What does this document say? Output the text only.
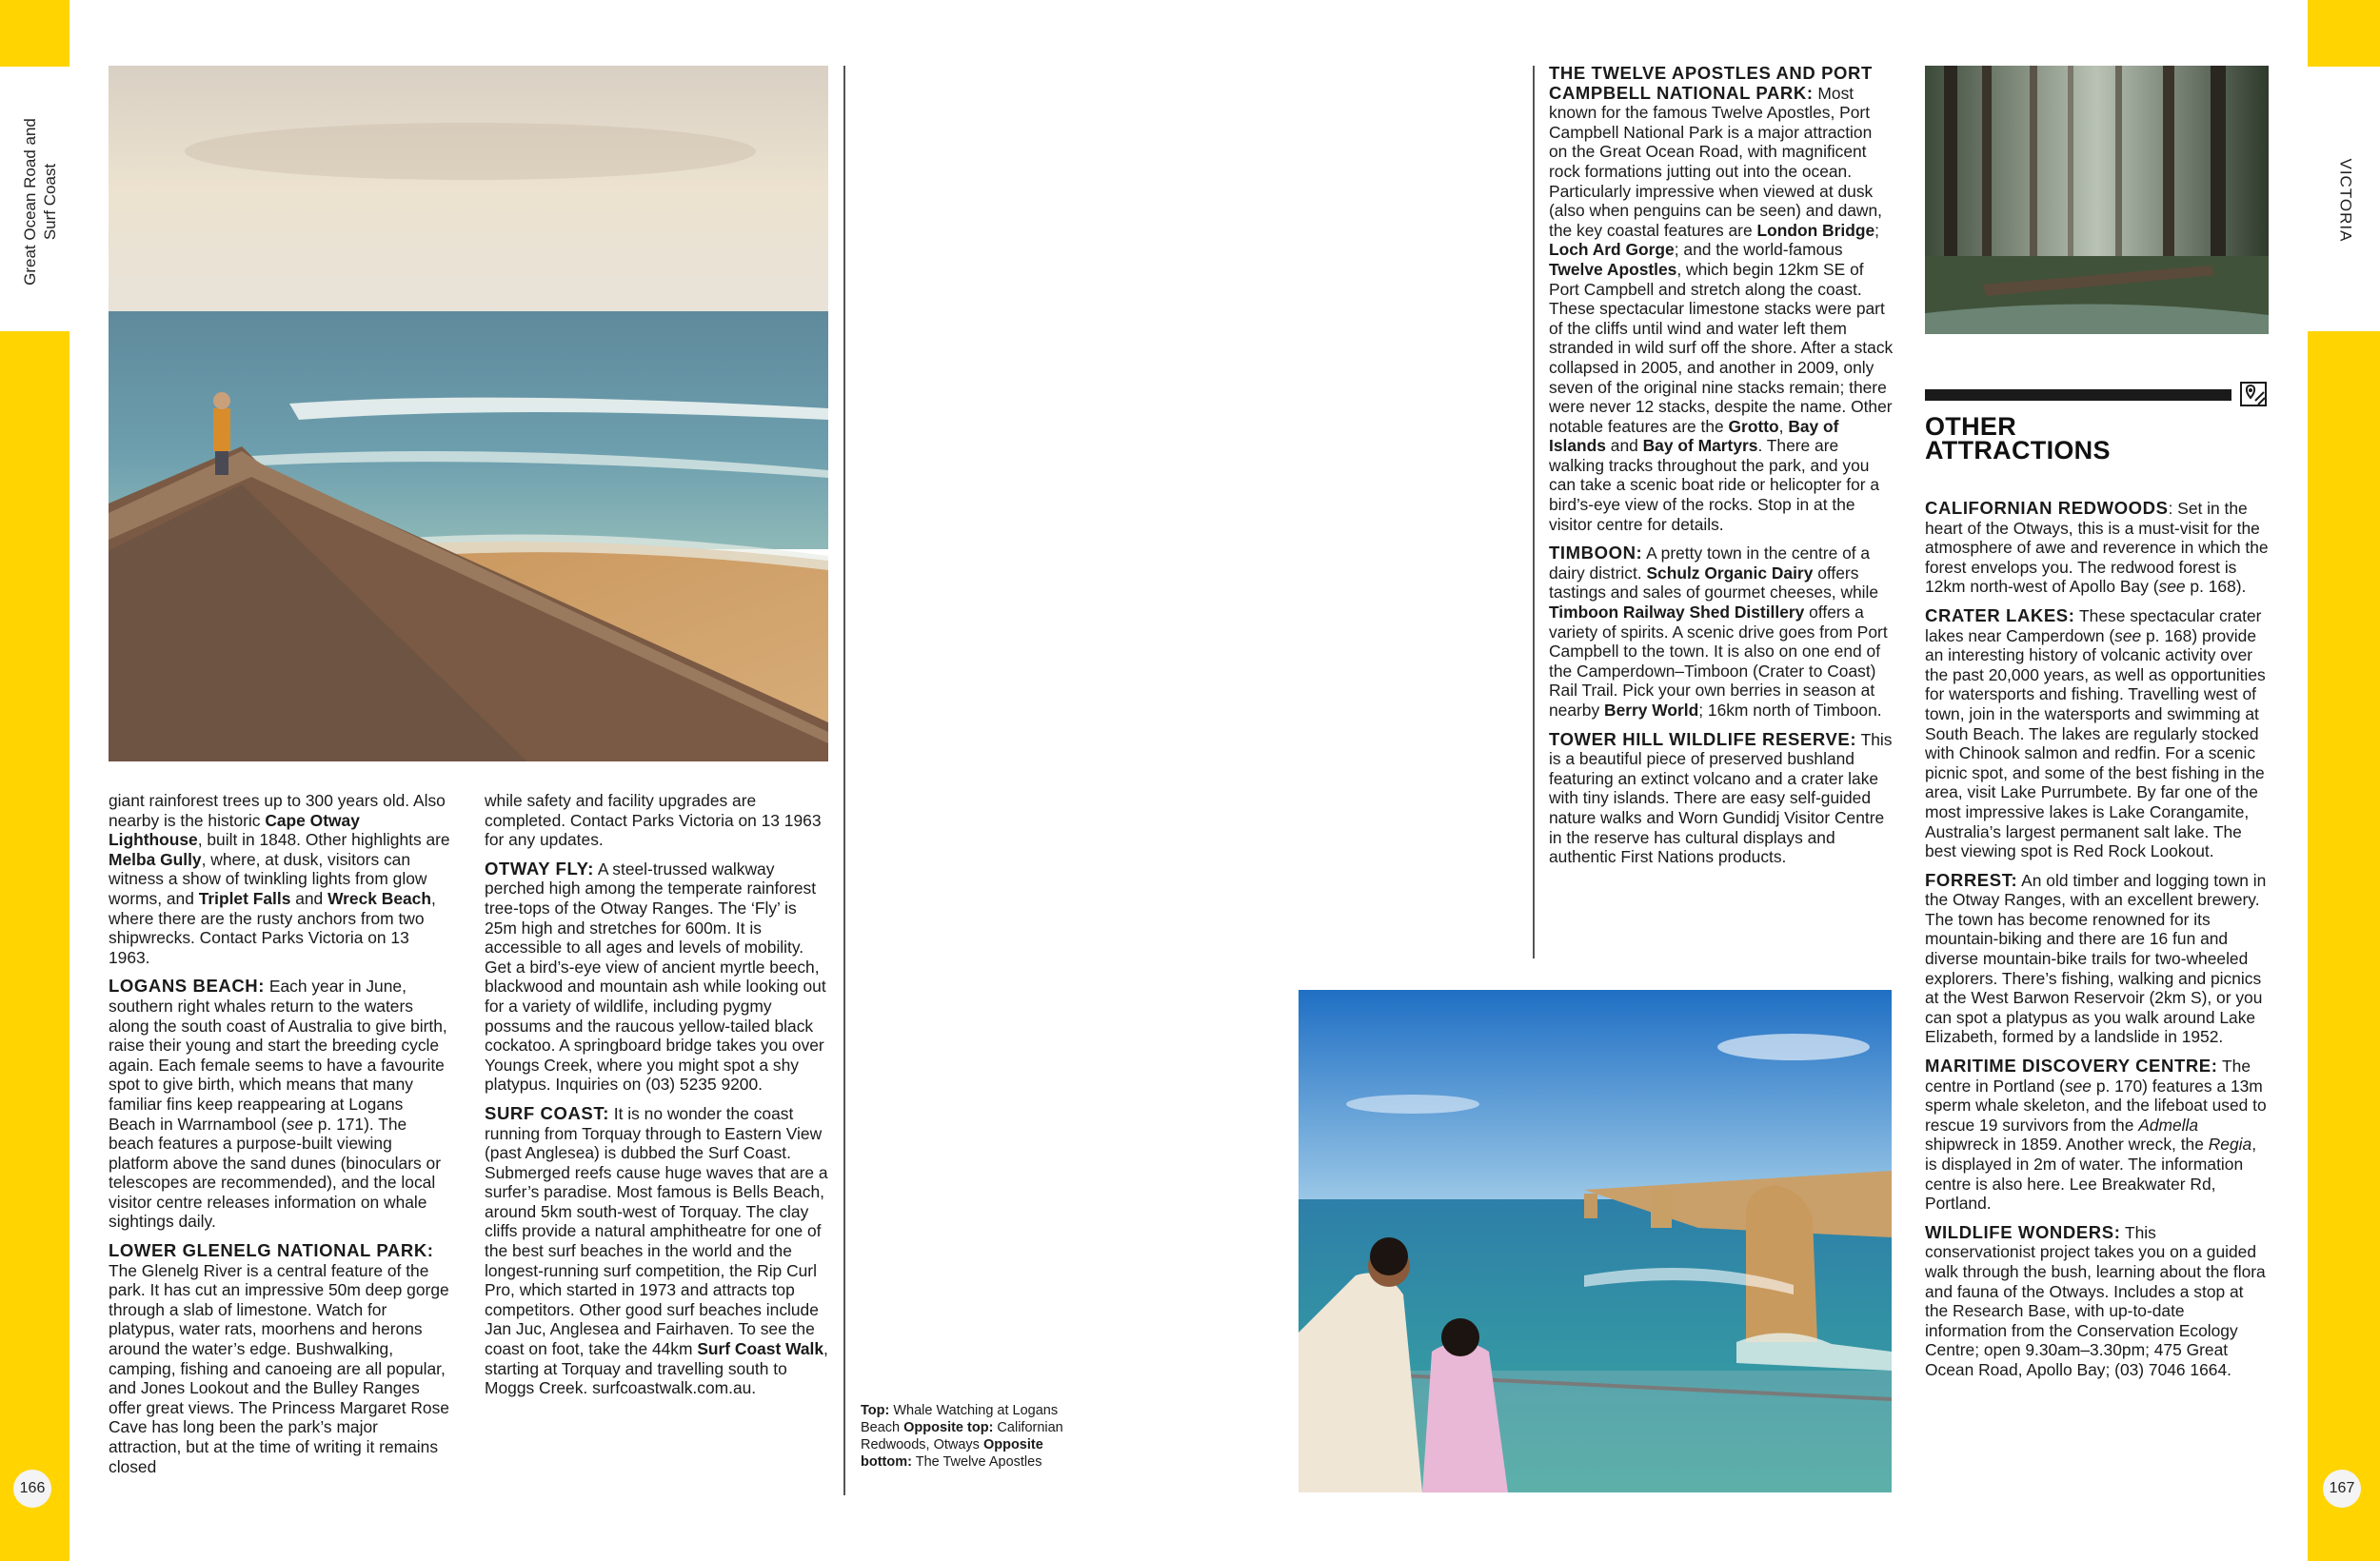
Great Ocean Road and Surf Coast	VICTORIA
166	167

giant rainforest trees up to 300 years old. Also nearby is the historic Cape Otway Lighthouse, built in 1848. Other highlights are Melba Gully, where, at dusk, visitors can witness a show of twinkling lights from glow worms, and Triplet Falls and Wreck Beach, where there are the rusty anchors from two shipwrecks. Contact Parks Victoria on 13 1963.

LOGANS BEACH: Each year in June, southern right whales return to the waters along the south coast of Australia to give birth, raise their young and start the breeding cycle again. Each female seems to have a favourite spot to give birth, which means that many familiar fins keep reappearing at Logans Beach in Warrnambool (see p. 171). The beach features a purpose-built viewing platform above the sand dunes (binoculars or telescopes are recommended), and the local visitor centre releases information on whale sightings daily.

LOWER GLENELG NATIONAL PARK: The Glenelg River is a central feature of the park. It has cut an impressive 50m deep gorge through a slab of limestone. Watch for platypus, water rats, moorhens and herons around the water’s edge. Bushwalking, camping, fishing and canoeing are all popular, and Jones Lookout and the Bulley Ranges offer great views. The Princess Margaret Rose Cave has long been the park’s major attraction, but at the time of writing it remains closed

while safety and facility upgrades are completed. Contact Parks Victoria on 13 1963 for any updates.

OTWAY FLY: A steel-trussed walkway perched high among the temperate rainforest tree-tops of the Otway Ranges. The ‘Fly’ is 25m high and stretches for 600m. It is accessible to all ages and levels of mobility. Get a bird’s-eye view of ancient myrtle beech, blackwood and mountain ash while looking out for a variety of wildlife, including pygmy possums and the raucous yellow-tailed black cockatoo. A springboard bridge takes you over Youngs Creek, where you might spot a shy platypus. Inquiries on (03) 5235 9200.

SURF COAST: It is no wonder the coast running from Torquay through to Eastern View (past Anglesea) is dubbed the Surf Coast. Submerged reefs cause huge waves that are a surfer’s paradise. Most famous is Bells Beach, around 5km south-west of Torquay. The clay cliffs provide a natural amphitheatre for one of the best surf beaches in the world and the longest-running surf competition, the Rip Curl Pro, which started in 1973 and attracts top competitors. Other good surf beaches include Jan Juc, Anglesea and Fairhaven. To see the coast on foot, take the 44km Surf Coast Walk, starting at Torquay and travelling south to Moggs Creek. surfcoastwalk.com.au.

Top: Whale Watching at Logans Beach Opposite top: Californian Redwoods, Otways Opposite bottom: The Twelve Apostles

THE TWELVE APOSTLES AND PORT CAMPBELL NATIONAL PARK: Most known for the famous Twelve Apostles, Port Campbell National Park is a major attraction on the Great Ocean Road, with magnificent rock formations jutting out into the ocean. Particularly impressive when viewed at dusk (also when penguins can be seen) and dawn, the key coastal features are London Bridge; Loch Ard Gorge; and the world-famous Twelve Apostles, which begin 12km SE of Port Campbell and stretch along the coast. These spectacular limestone stacks were part of the cliffs until wind and water left them stranded in wild surf off the shore. After a stack collapsed in 2005, and another in 2009, only seven of the original nine stacks remain; there were never 12 stacks, despite the name. Other notable features are the Grotto, Bay of Islands and Bay of Martyrs. There are walking tracks throughout the park, and you can take a scenic boat ride or helicopter for a bird’s-eye view of the rocks. Stop in at the visitor centre for details.

TIMBOON: A pretty town in the centre of a dairy district. Schulz Organic Dairy offers tastings and sales of gourmet cheeses, while Timboon Railway Shed Distillery offers a variety of spirits. A scenic drive goes from Port Campbell to the town. It is also on one end of the Camperdown–Timboon (Crater to Coast) Rail Trail. Pick your own berries in season at nearby Berry World; 16km north of Timboon.

TOWER HILL WILDLIFE RESERVE: This is a beautiful piece of preserved bushland featuring an extinct volcano and a crater lake with tiny islands. There are easy self-guided nature walks and Worn Gundidj Visitor Centre in the reserve has cultural displays and authentic First Nations products.

OTHER
ATTRACTIONS

CALIFORNIAN REDWOODS: Set in the heart of the Otways, this is a must-visit for the atmosphere of awe and reverence in which the forest envelops you. The redwood forest is 12km north-west of Apollo Bay (see p. 168).

CRATER LAKES: These spectacular crater lakes near Camperdown (see p. 168) provide an interesting history of volcanic activity over the past 20,000 years, as well as opportunities for watersports and fishing. Travelling west of town, join in the watersports and swimming at South Beach. The lakes are regularly stocked with Chinook salmon and redfin. For a scenic picnic spot, and some of the best fishing in the area, visit Lake Purrumbete. By far one of the most impressive lakes is Lake Corangamite, Australia’s largest permanent salt lake. The best viewing spot is Red Rock Lookout.

FORREST: An old timber and logging town in the Otway Ranges, with an excellent brewery. The town has become renowned for its mountain-biking and there are 16 fun and diverse mountain-bike trails for two-wheeled explorers. There’s fishing, walking and picnics at the West Barwon Reservoir (2km S), or you can spot a platypus as you walk around Lake Elizabeth, formed by a landslide in 1952.

MARITIME DISCOVERY CENTRE: The centre in Portland (see p. 170) features a 13m sperm whale skeleton, and the lifeboat used to rescue 19 survivors from the Admella shipwreck in 1859. Another wreck, the Regia, is displayed in 2m of water. The information centre is also here. Lee Breakwater Rd, Portland.

WILDLIFE WONDERS: This conservationist project takes you on a guided walk through the bush, learning about the flora and fauna of the Otways. Includes a stop at the Research Base, with up-to-date information from the Conservation Ecology Centre; open 9.30am–3.30pm; 475 Great Ocean Road, Apollo Bay; (03) 7046 1664.
